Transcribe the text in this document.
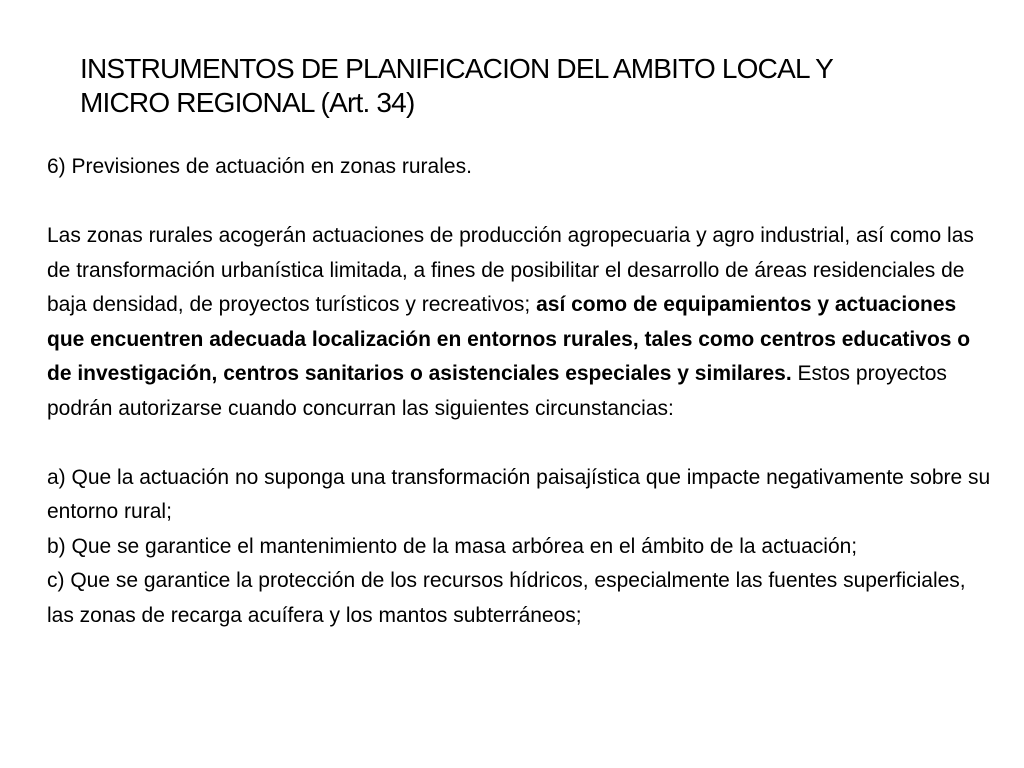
INSTRUMENTOS DE PLANIFICACION DEL AMBITO LOCAL Y
MICRO REGIONAL (Art. 34)

6) Previsiones de actuación en zonas rurales.

Las zonas rurales acogerán actuaciones de producción agropecuaria y agro industrial, así como las de transformación urbanística limitada, a fines de posibilitar el desarrollo de áreas residenciales de baja densidad, de proyectos turísticos y recreativos; así como de equipamientos y actuaciones que encuentren adecuada localización en entornos rurales, tales como centros educativos o de investigación, centros sanitarios o asistenciales especiales y similares. Estos proyectos podrán autorizarse cuando concurran las siguientes circunstancias:

a) Que la actuación no suponga una transformación paisajística que impacte negativamente sobre su entorno rural;

b) Que se garantice el mantenimiento de la masa arbórea en el ámbito de la actuación;

c) Que se garantice la protección de los recursos hídricos, especialmente las fuentes superficiales, las zonas de recarga acuífera y los mantos subterráneos;
